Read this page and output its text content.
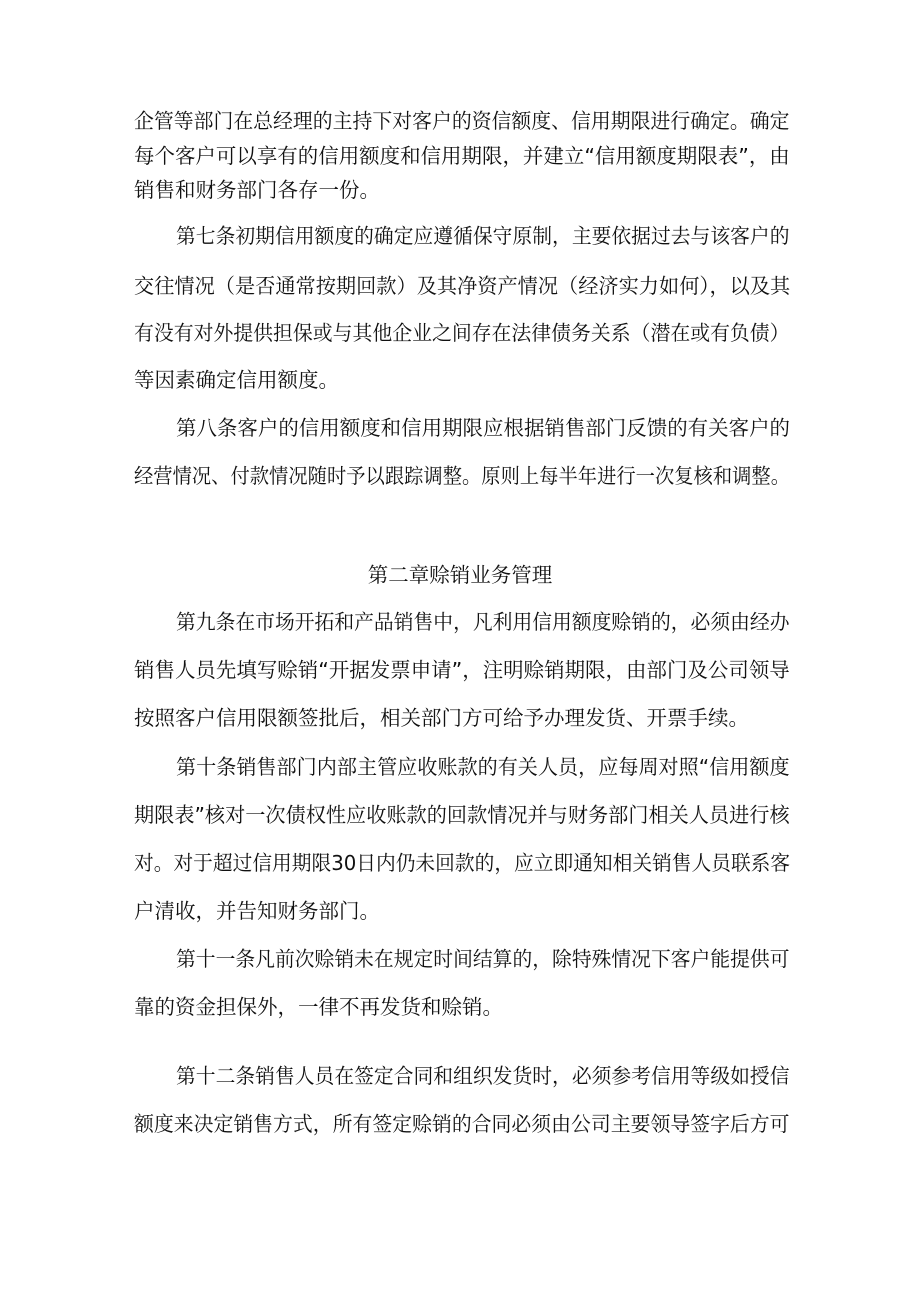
企管等部门在总经理的主持下对客户的资信额度、信用期限进行确定。确定
每个客户可以享有的信用额度和信用期限，并建立“信用额度期限表”，由
销售和财务部门各存一份。
第七条初期信用额度的确定应遵循保守原制，主要依据过去与该客户的
交往情况（是否通常按期回款）及其净资产情况（经济实力如何），以及其
有没有对外提供担保或与其他企业之间存在法律债务关系（潜在或有负债）
等因素确定信用额度。
第八条客户的信用额度和信用期限应根据销售部门反馈的有关客户的
经营情况、付款情况随时予以跟踪调整。原则上每半年进行一次复核和调整。
第二章赊销业务管理
第九条在市场开拓和产品销售中，凡利用信用额度赊销的，必须由经办
销售人员先填写赊销“开据发票申请”，注明赊销期限，由部门及公司领导
按照客户信用限额签批后，相关部门方可给予办理发货、开票手续。
第十条销售部门内部主管应收账款的有关人员，应每周对照“信用额度
期限表”核对一次债权性应收账款的回款情况并与财务部门相关人员进行核
对。对于超过信用期限30日内仍未回款的，应立即通知相关销售人员联系客
户清收，并告知财务部门。
第十一条凡前次赊销未在规定时间结算的，除特殊情况下客户能提供可
靠的资金担保外，一律不再发货和赊销。
第十二条销售人员在签定合同和组织发货时，必须参考信用等级如授信
额度来决定销售方式，所有签定赊销的合同必须由公司主要领导签字后方可
